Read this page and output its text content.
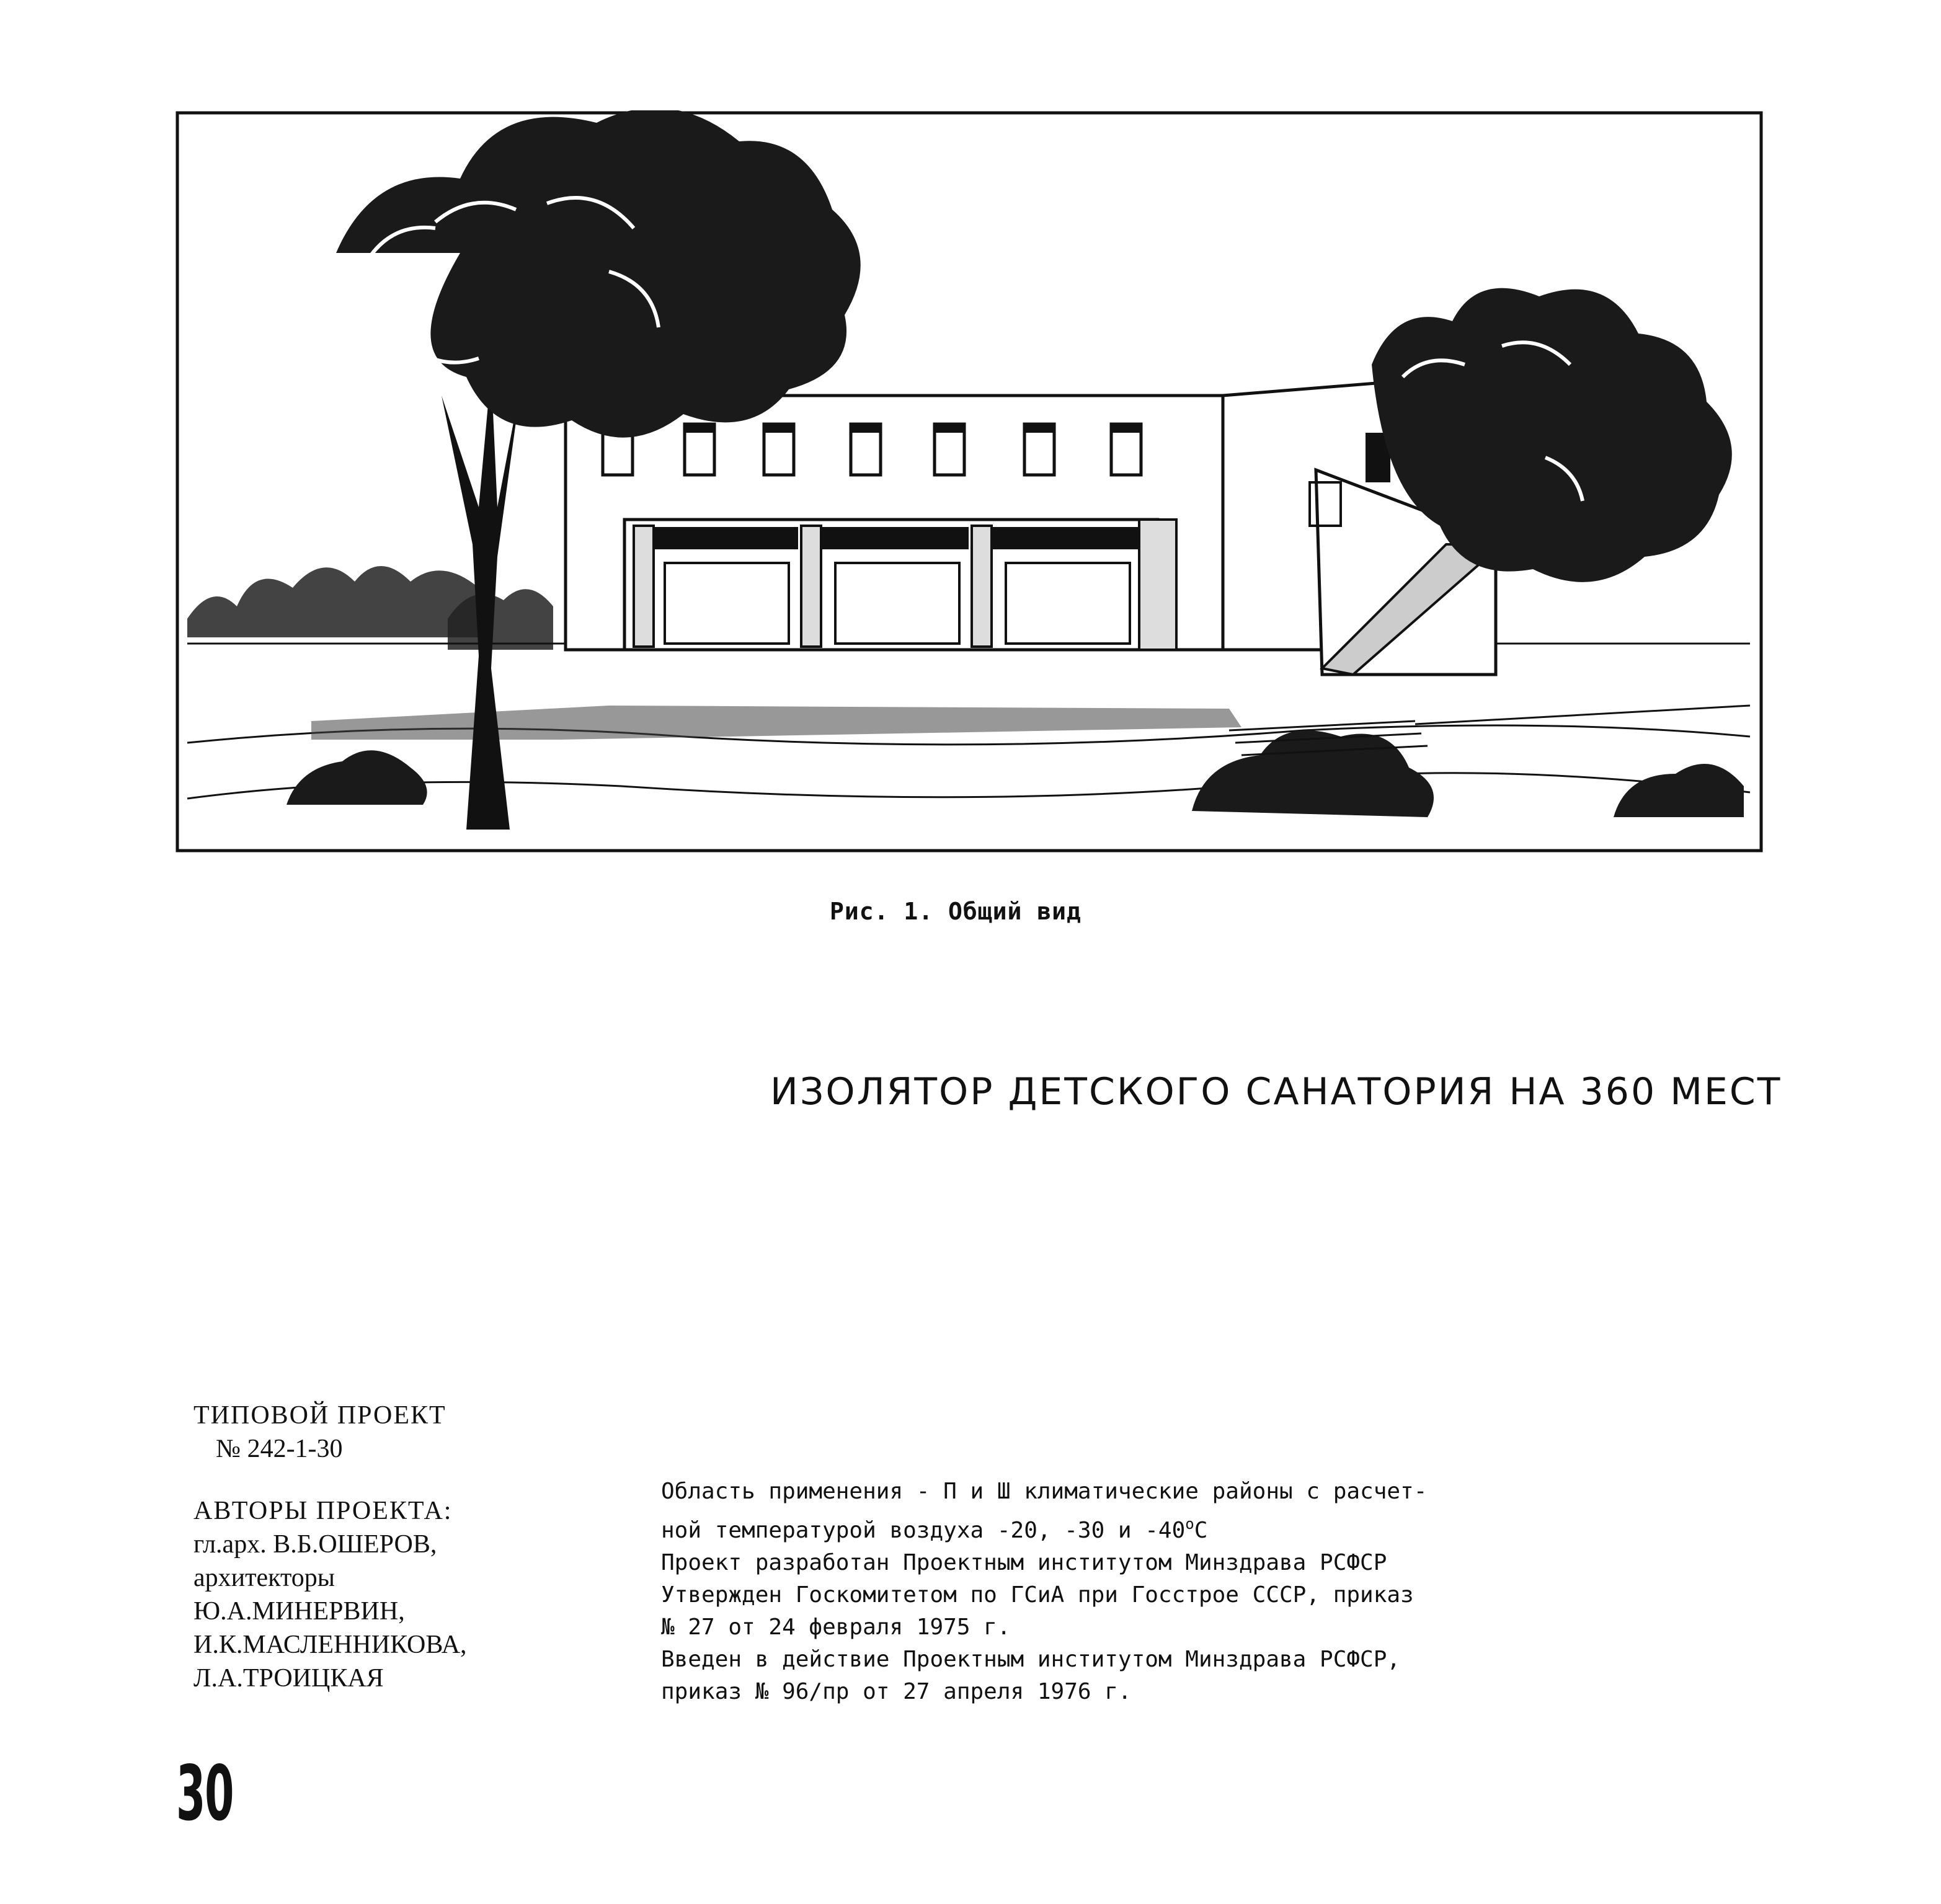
Рис. 1. Общий вид
ИЗОЛЯТОР ДЕТСКОГО САНАТОРИЯ НА 360 МЕСТ
ТИПОВОЙ ПРОЕКТ
№ 242-1-30
АВТОРЫ ПРОЕКТА:
гл.арх. В.Б.ОШЕРОВ,
архитекторы
Ю.А.МИНЕРВИН,
И.К.МАСЛЕННИКОВА,
Л.А.ТРОИЦКАЯ

Область применения - П и Ш климатические районы с расчет-

ной температурой воздуха -20, -30 и $-40^оС$

Проект разработан Проектным институтом Минздрава РСФСР

Утвержден Госкомитетом по ГСиА при Госстрое СССР, приказ

№ 27 от 24 февраля 1975 г.

Введен в действие Проектным институтом Минздрава РСФСР,

приказ № 96/пр от 27 апреля 1976 г.

30
